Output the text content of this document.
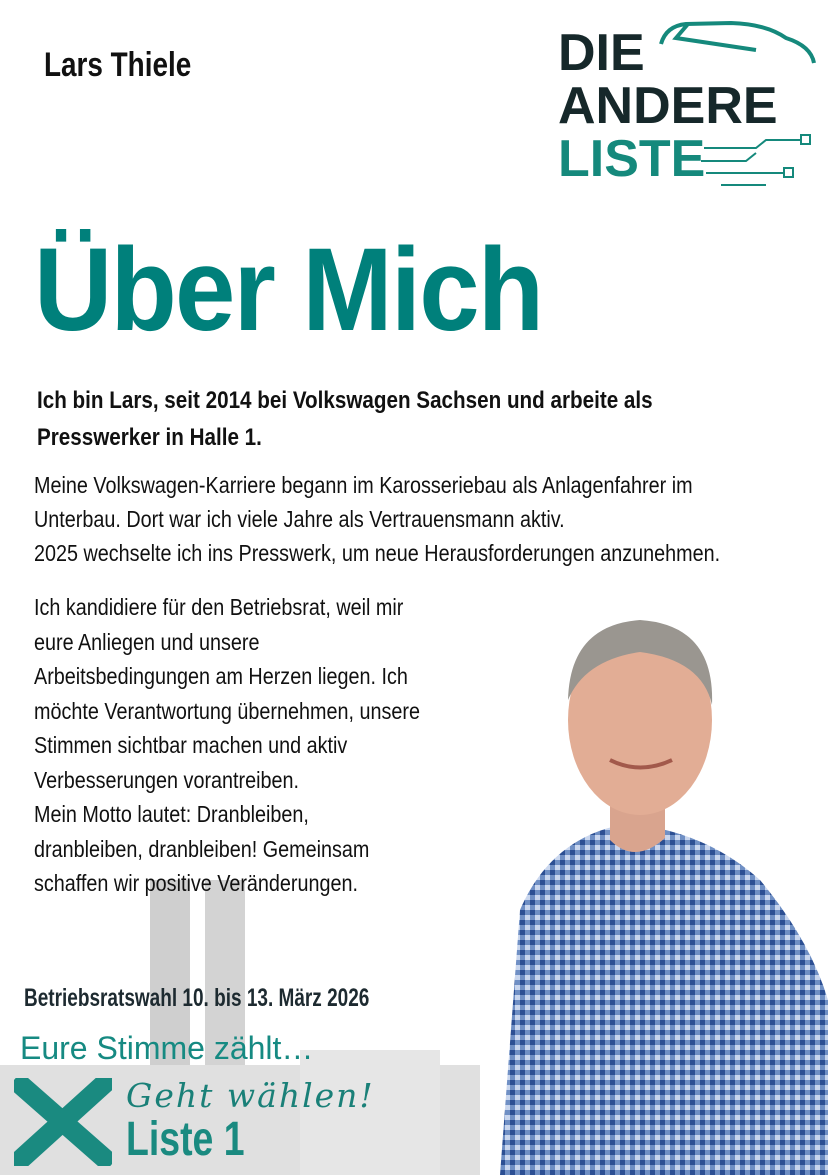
Lars Thiele	DIE
ANDERE
LISTE
Über Mich
Ich bin Lars, seit 2014 bei Volkswagen Sachsen und arbeite als
Presswerker in Halle 1.
Meine Volkswagen-Karriere begann im Karosseriebau als Anlagenfahrer im
Unterbau. Dort war ich viele Jahre als Vertrauensmann aktiv.
2025 wechselte ich ins Presswerk, um neue Herausforderungen anzunehmen.
Ich kandidiere für den Betriebsrat, weil mir
eure Anliegen und unsere
Arbeitsbedingungen am Herzen liegen. Ich
möchte Verantwortung übernehmen, unsere
Stimmen sichtbar machen und aktiv
Verbesserungen vorantreiben.
Mein Motto lautet: Dranbleiben,
dranbleiben, dranbleiben! Gemeinsam
schaffen wir positive Veränderungen.
Betriebsratswahl 10. bis 13. März 2026
Eure Stimme zählt…
Geht wählen!
Liste 1
